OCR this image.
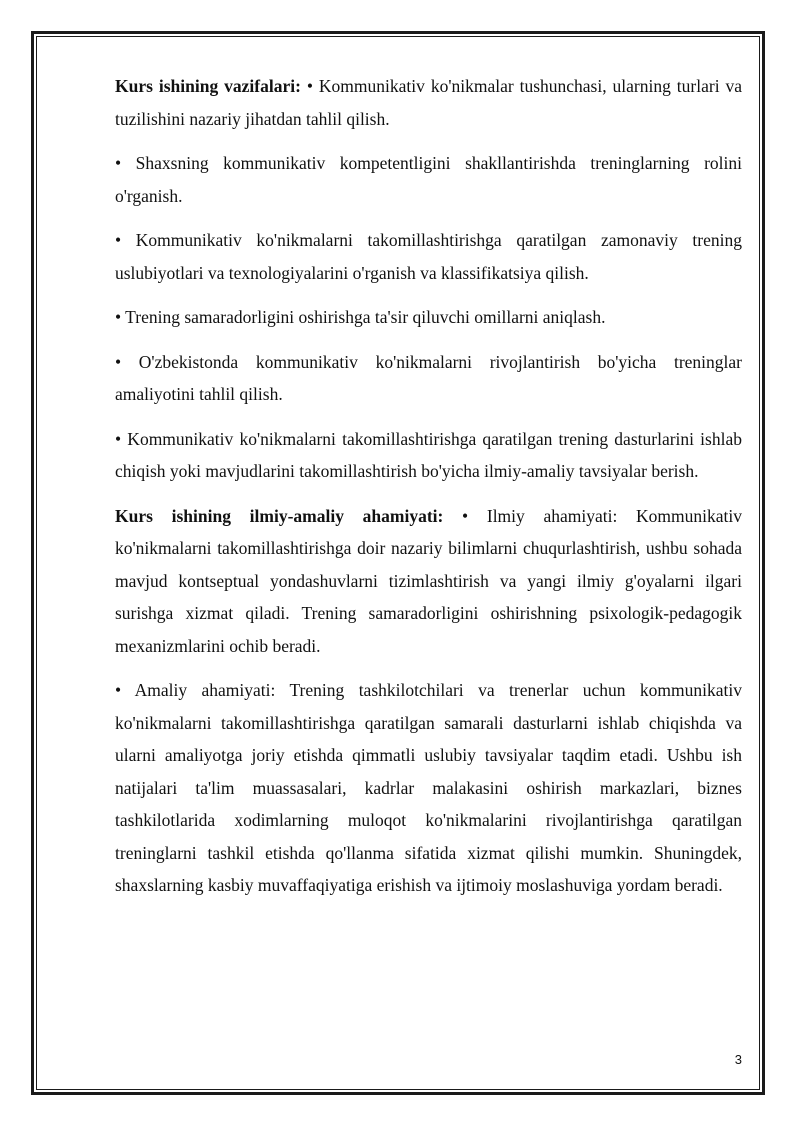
Kurs ishining vazifalari: • Kommunikativ ko'nikmalar tushunchasi, ularning turlari va tuzilishini nazariy jihatdan tahlil qilish.

• Shaxsning kommunikativ kompetentligini shakllantirishda treninglarning rolini o'rganish.

• Kommunikativ ko'nikmalarni takomillashtirishga qaratilgan zamonaviy trening uslubiyotlari va texnologiyalarini o'rganish va klassifikatsiya qilish.

• Trening samaradorligini oshirishga ta'sir qiluvchi omillarni aniqlash.

• O'zbekistonda kommunikativ ko'nikmalarni rivojlantirish bo'yicha treninglar amaliyotini tahlil qilish.

• Kommunikativ ko'nikmalarni takomillashtirishga qaratilgan trening dasturlarini ishlab chiqish yoki mavjudlarini takomillashtirish bo'yicha ilmiy-amaliy tavsiyalar berish.

Kurs ishining ilmiy-amaliy ahamiyati: • Ilmiy ahamiyati: Kommunikativ ko'nikmalarni takomillashtirishga doir nazariy bilimlarni chuqurlashtirish, ushbu sohada mavjud kontseptual yondashuvlarni tizimlashtirish va yangi ilmiy g'oyalarni ilgari surishga xizmat qiladi. Trening samaradorligini oshirishning psixologik-pedagogik mexanizmlarini ochib beradi.

• Amaliy ahamiyati: Trening tashkilotchilari va trenerlar uchun kommunikativ ko'nikmalarni takomillashtirishga qaratilgan samarali dasturlarni ishlab chiqishda va ularni amaliyotga joriy etishda qimmatli uslubiy tavsiyalar taqdim etadi. Ushbu ish natijalari ta'lim muassasalari, kadrlar malakasini oshirish markazlari, biznes tashkilotlarida xodimlarning muloqot ko'nikmalarini rivojlantirishga qaratilgan treninglarni tashkil etishda qo'llanma sifatida xizmat qilishi mumkin. Shuningdek, shaxslarning kasbiy muvaffaqiyatiga erishish va ijtimoiy moslashuviga yordam beradi.

3
